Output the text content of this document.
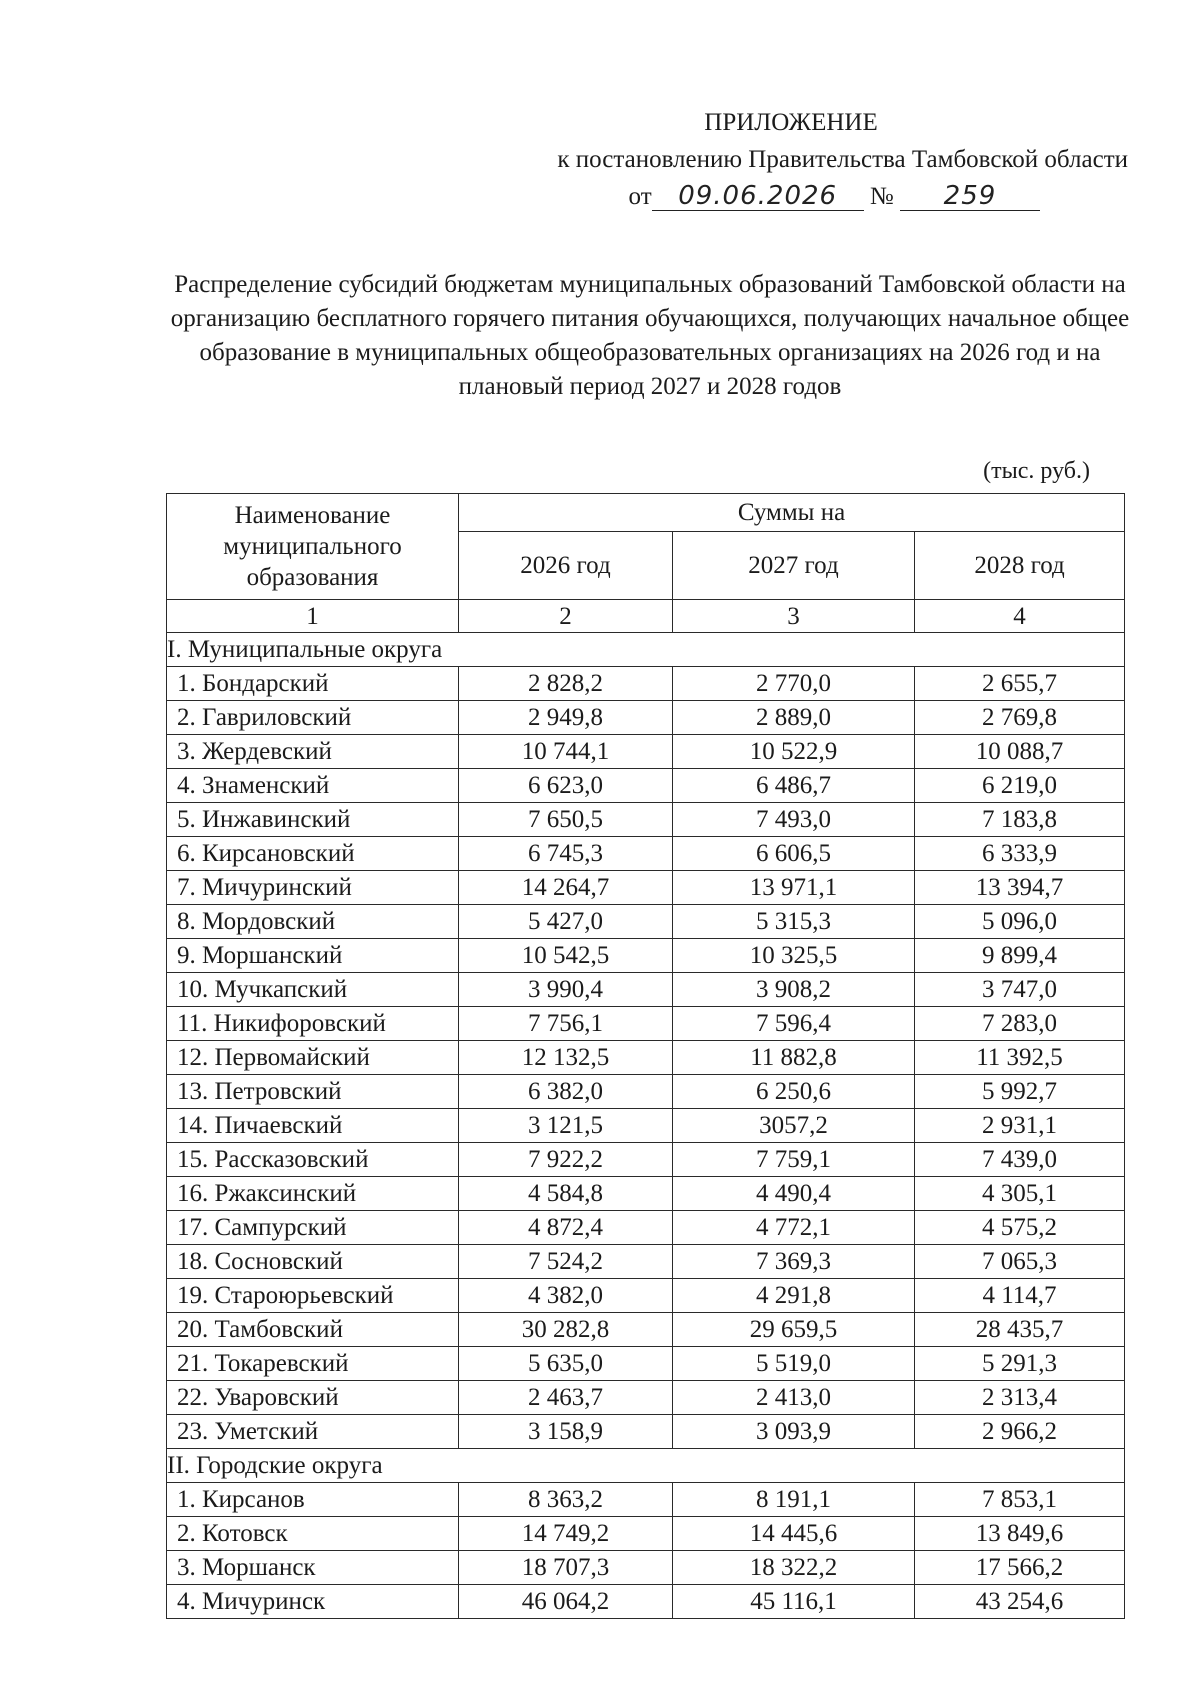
ПРИЛОЖЕНИЕ
к постановлению Правительства Тамбовской области
от 09.06.2026 № 259
Распределение субсидий бюджетам муниципальных образований Тамбовской области на организацию бесплатного горячего питания обучающихся, получающих начальное общее образование в муниципальных общеобразовательных организациях на 2026 год и на плановый период 2027 и 2028 годов
(тыс. руб.)
Наименование муниципального образования	Суммы на		
	2026 год	2027 год	2028 год
1	2	3	4
I. Муниципальные округа			
1. Бондарский	2 828,2	2 770,0	2 655,7
2. Гавриловский	2 949,8	2 889,0	2 769,8
3. Жердевский	10 744,1	10 522,9	10 088,7
4. Знаменский	6 623,0	6 486,7	6 219,0
5. Инжавинский	7 650,5	7 493,0	7 183,8
6. Кирсановский	6 745,3	6 606,5	6 333,9
7. Мичуринский	14 264,7	13 971,1	13 394,7
8. Мордовский	5 427,0	5 315,3	5 096,0
9. Моршанский	10 542,5	10 325,5	9 899,4
10. Мучкапский	3 990,4	3 908,2	3 747,0
11. Никифоровский	7 756,1	7 596,4	7 283,0
12. Первомайский	12 132,5	11 882,8	11 392,5
13. Петровский	6 382,0	6 250,6	5 992,7
14. Пичаевский	3 121,5	3057,2	2 931,1
15. Рассказовский	7 922,2	7 759,1	7 439,0
16. Ржаксинский	4 584,8	4 490,4	4 305,1
17. Сампурский	4 872,4	4 772,1	4 575,2
18. Сосновский	7 524,2	7 369,3	7 065,3
19. Староюрьевский	4 382,0	4 291,8	4 114,7
20. Тамбовский	30 282,8	29 659,5	28 435,7
21. Токаревский	5 635,0	5 519,0	5 291,3
22. Уваровский	2 463,7	2 413,0	2 313,4
23. Уметский	3 158,9	3 093,9	2 966,2
II. Городские округа			
1. Кирсанов	8 363,2	8 191,1	7 853,1
2. Котовск	14 749,2	14 445,6	13 849,6
3. Моршанск	18 707,3	18 322,2	17 566,2
4. Мичуринск	46 064,2	45 116,1	43 254,6
